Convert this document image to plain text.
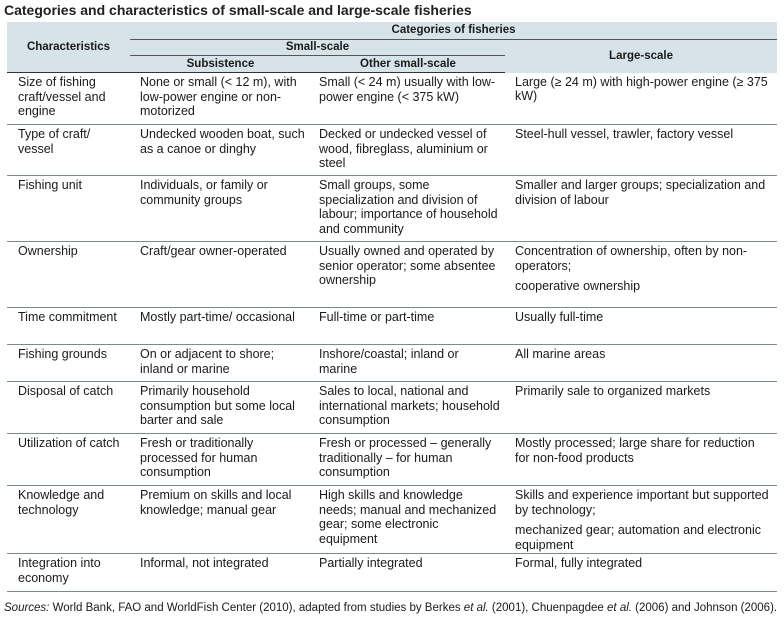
Categories and characteristics of small-scale and large-scale fisheries
Characteristics	Categories of fisheries		
	Small-scale		Large-scale
	Subsistence	Other small-scale	
Size of fishing craft/vessel and engine	None or small (< 12 m), with low-power engine or non-motorized	Small (< 24 m) usually with low-power engine (< 375 kW)	Large (≥ 24 m) with high-power engine (≥ 375 kW)
Type of craft/ vessel	Undecked wooden boat, such as a canoe or dinghy	Decked or undecked vessel of wood, fibreglass, aluminium or steel	Steel-hull vessel, trawler, factory vessel
Fishing unit	Individuals, or family or community groups	Small groups, some specialization and division of labour; importance of household and community	Smaller and larger groups; specialization and division of labour
Ownership	Craft/gear owner-operated	Usually owned and operated by senior operator; some absentee ownership	Concentration of ownership, often by non-operators;
cooperative ownership
Time commitment	Mostly part-time/ occasional	Full-time or part-time	Usually full-time
Fishing grounds	On or adjacent to shore; inland or marine	Inshore/coastal; inland or marine	All marine areas
Disposal of catch	Primarily household consumption but some local barter and sale	Sales to local, national and international markets; household consumption	Primarily sale to organized markets
Utilization of catch	Fresh or traditionally processed for human consumption	Fresh or processed – generally traditionally – for human consumption	Mostly processed; large share for reduction for non-food products
Knowledge and technology	Premium on skills and local knowledge; manual gear	High skills and knowledge needs; manual and mechanized gear; some electronic equipment	Skills and experience important but supported by technology;
mechanized gear; automation and electronic equipment
Integration into economy	Informal, not integrated	Partially integrated	Formal, fully integrated
Sources: World Bank, FAO and WorldFish Center (2010), adapted from studies by Berkes et al. (2001), Chuenpagdee et al. (2006) and Johnson (2006).
